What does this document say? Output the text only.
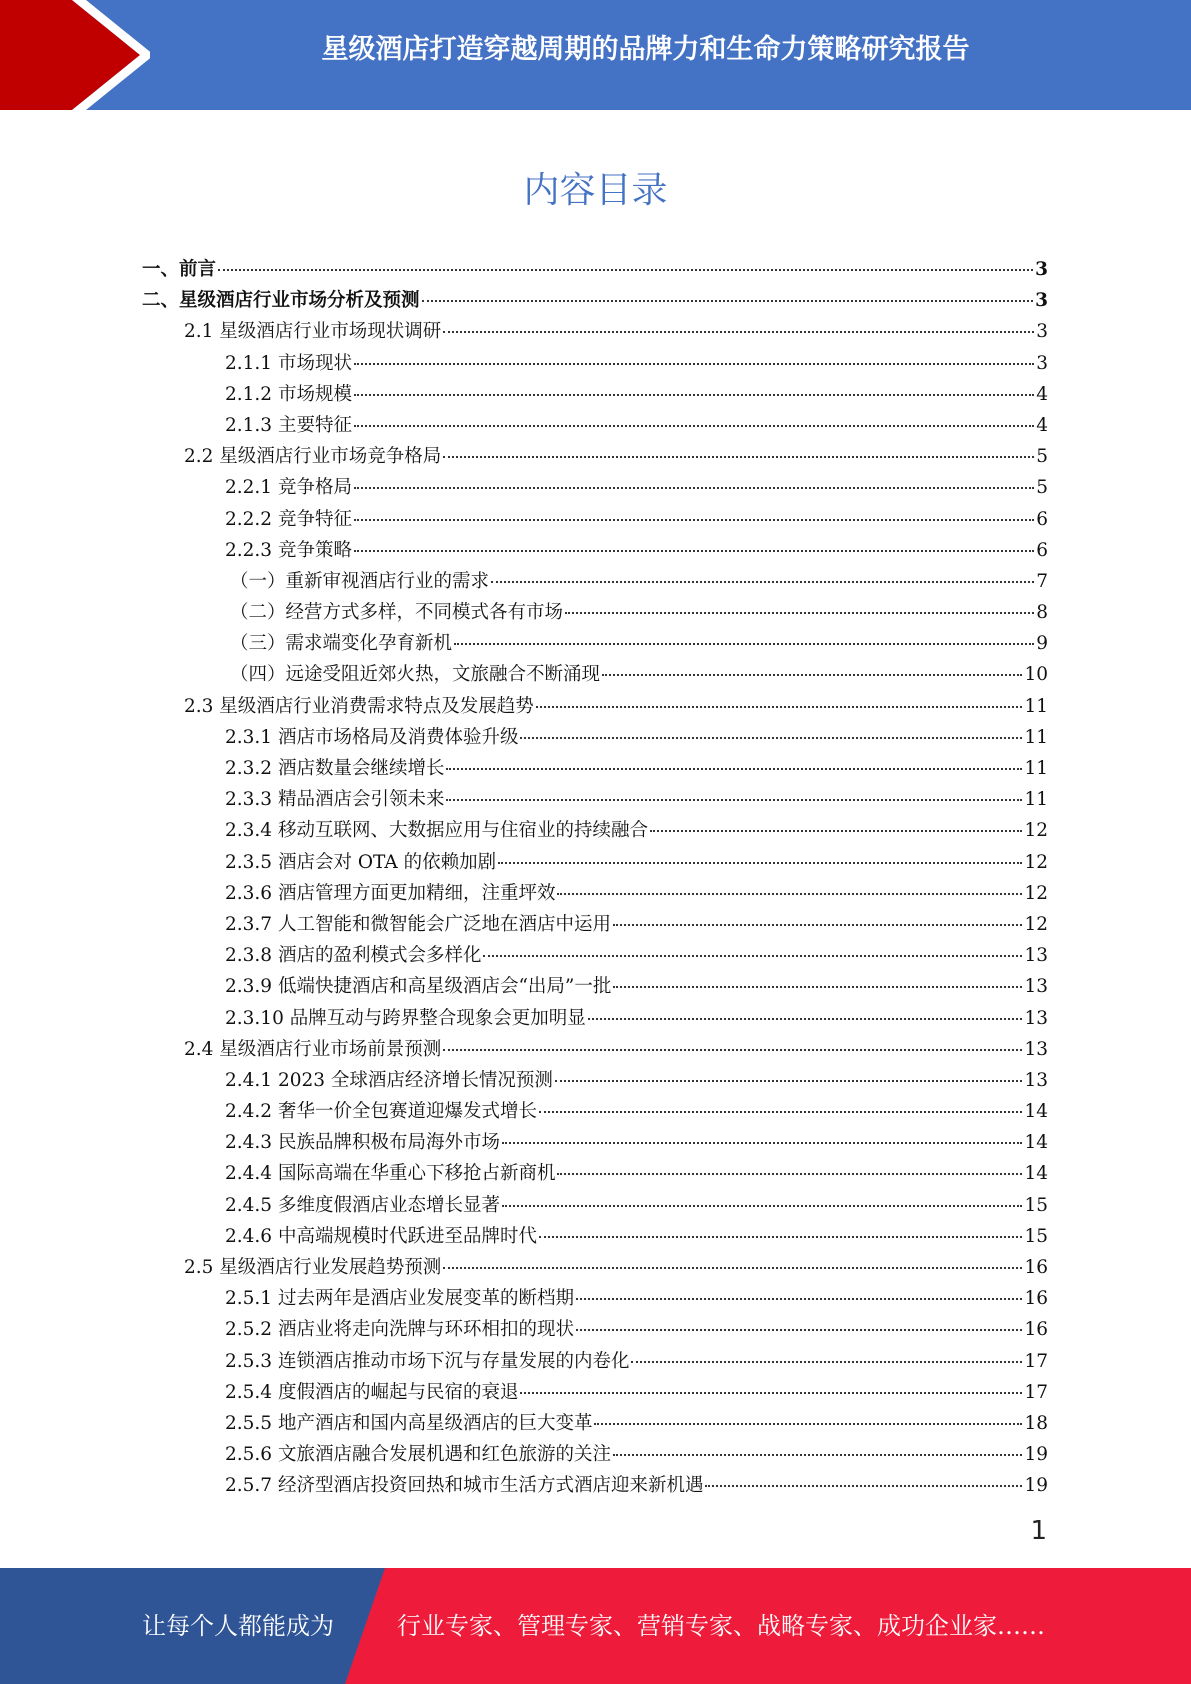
星级酒店打造穿越周期的品牌力和生命力策略研究报告
内容目录
一、前言	3
二、星级酒店行业市场分析及预测	3
2.1 星级酒店行业市场现状调研	3
2.1.1 市场现状	3
2.1.2 市场规模	4
2.1.3 主要特征	4
2.2 星级酒店行业市场竞争格局	5
2.2.1 竞争格局	5
2.2.2 竞争特征	6
2.2.3 竞争策略	6
（一）重新审视酒店行业的需求	7
（二）经营方式多样，不同模式各有市场	8
（三）需求端变化孕育新机	9
（四）远途受阻近郊火热，文旅融合不断涌现	10
2.3 星级酒店行业消费需求特点及发展趋势	11
2.3.1 酒店市场格局及消费体验升级	11
2.3.2 酒店数量会继续增长	11
2.3.3 精品酒店会引领未来	11
2.3.4 移动互联网、大数据应用与住宿业的持续融合	12
2.3.5 酒店会对 OTA 的依赖加剧	12
2.3.6 酒店管理方面更加精细，注重坪效	12
2.3.7 人工智能和微智能会广泛地在酒店中运用	12
2.3.8 酒店的盈利模式会多样化	13
2.3.9 低端快捷酒店和高星级酒店会“出局”一批	13
2.3.10 品牌互动与跨界整合现象会更加明显	13
2.4 星级酒店行业市场前景预测	13
2.4.1 2023 全球酒店经济增长情况预测	13
2.4.2 奢华一价全包赛道迎爆发式增长	14
2.4.3 民族品牌积极布局海外市场	14
2.4.4 国际高端在华重心下移抢占新商机	14
2.4.5 多维度假酒店业态增长显著	15
2.4.6 中高端规模时代跃进至品牌时代	15
2.5 星级酒店行业发展趋势预测	16
2.5.1 过去两年是酒店业发展变革的断档期	16
2.5.2 酒店业将走向洗牌与环环相扣的现状	16
2.5.3 连锁酒店推动市场下沉与存量发展的内卷化	17
2.5.4 度假酒店的崛起与民宿的衰退	17
2.5.5 地产酒店和国内高星级酒店的巨大变革	18
2.5.6 文旅酒店融合发展机遇和红色旅游的关注	19
2.5.7 经济型酒店投资回热和城市生活方式酒店迎来新机遇	19
1
让每个人都能成为	行业专家、管理专家、营销专家、战略专家、成功企业家……
